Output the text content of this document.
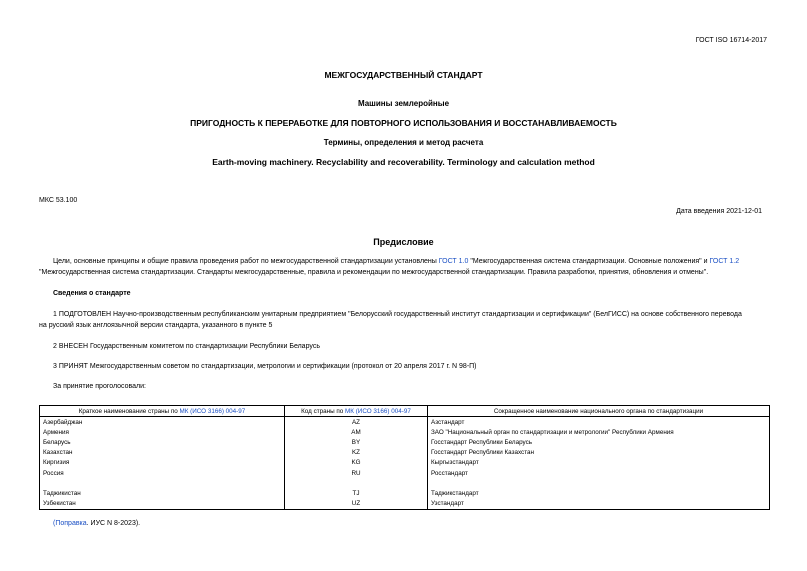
ГОСТ ISO 16714-2017
МЕЖГОСУДАРСТВЕННЫЙ СТАНДАРТ
Машины землеройные
ПРИГОДНОСТЬ К ПЕРЕРАБОТКЕ ДЛЯ ПОВТОРНОГО ИСПОЛЬЗОВАНИЯ И ВОССТАНАВЛИВАЕМОСТЬ
Термины, определения и метод расчета
Earth-moving machinery. Recyclability and recoverability. Terminology and calculation method
МКС 53.100
Дата введения 2021-12-01
Предисловие
Цели, основные принципы и общие правила проведения работ по межгосударственной стандартизации установлены ГОСТ 1.0 "Межгосударственная система стандартизации. Основные положения" и ГОСТ 1.2
"Межгосударственная система стандартизации. Стандарты межгосударственные, правила и рекомендации по межгосударственной стандартизации. Правила разработки, принятия, обновления и отмены".
Сведения о стандарте
1 ПОДГОТОВЛЕН Научно-производственным республиканским унитарным предприятием "Белорусский государственный институт стандартизации и сертификации" (БелГИСС) на основе собственного перевода
на русский язык англоязычной версии стандарта, указанного в пункте 5
2 ВНЕСЕН Государственным комитетом по стандартизации Республики Беларусь
3 ПРИНЯТ Межгосударственным советом по стандартизации, метрологии и сертификации (протокол от 20 апреля 2017 г. N 98-П)
За принятие проголосовали:
Краткое наименование страны по МК (ИСО 3166) 004-97	Код страны по МК (ИСО 3166) 004-97	Сокращенное наименование национального органа по стандартизации
Азербайджан	AZ	Азстандарт
Армения	AM	ЗАО "Национальный орган по стандартизации и метрологии" Республики Армения
Беларусь	BY	Госстандарт Республики Беларусь
Казахстан	KZ	Госстандарт Республики Казахстан
Киргизия	KG	Кыргызстандарт
Россия	RU	Росстандарт

Таджикистан	TJ	Таджикстандарт
Узбекистан	UZ	Узстандарт
(Поправка. ИУС N 8-2023).
